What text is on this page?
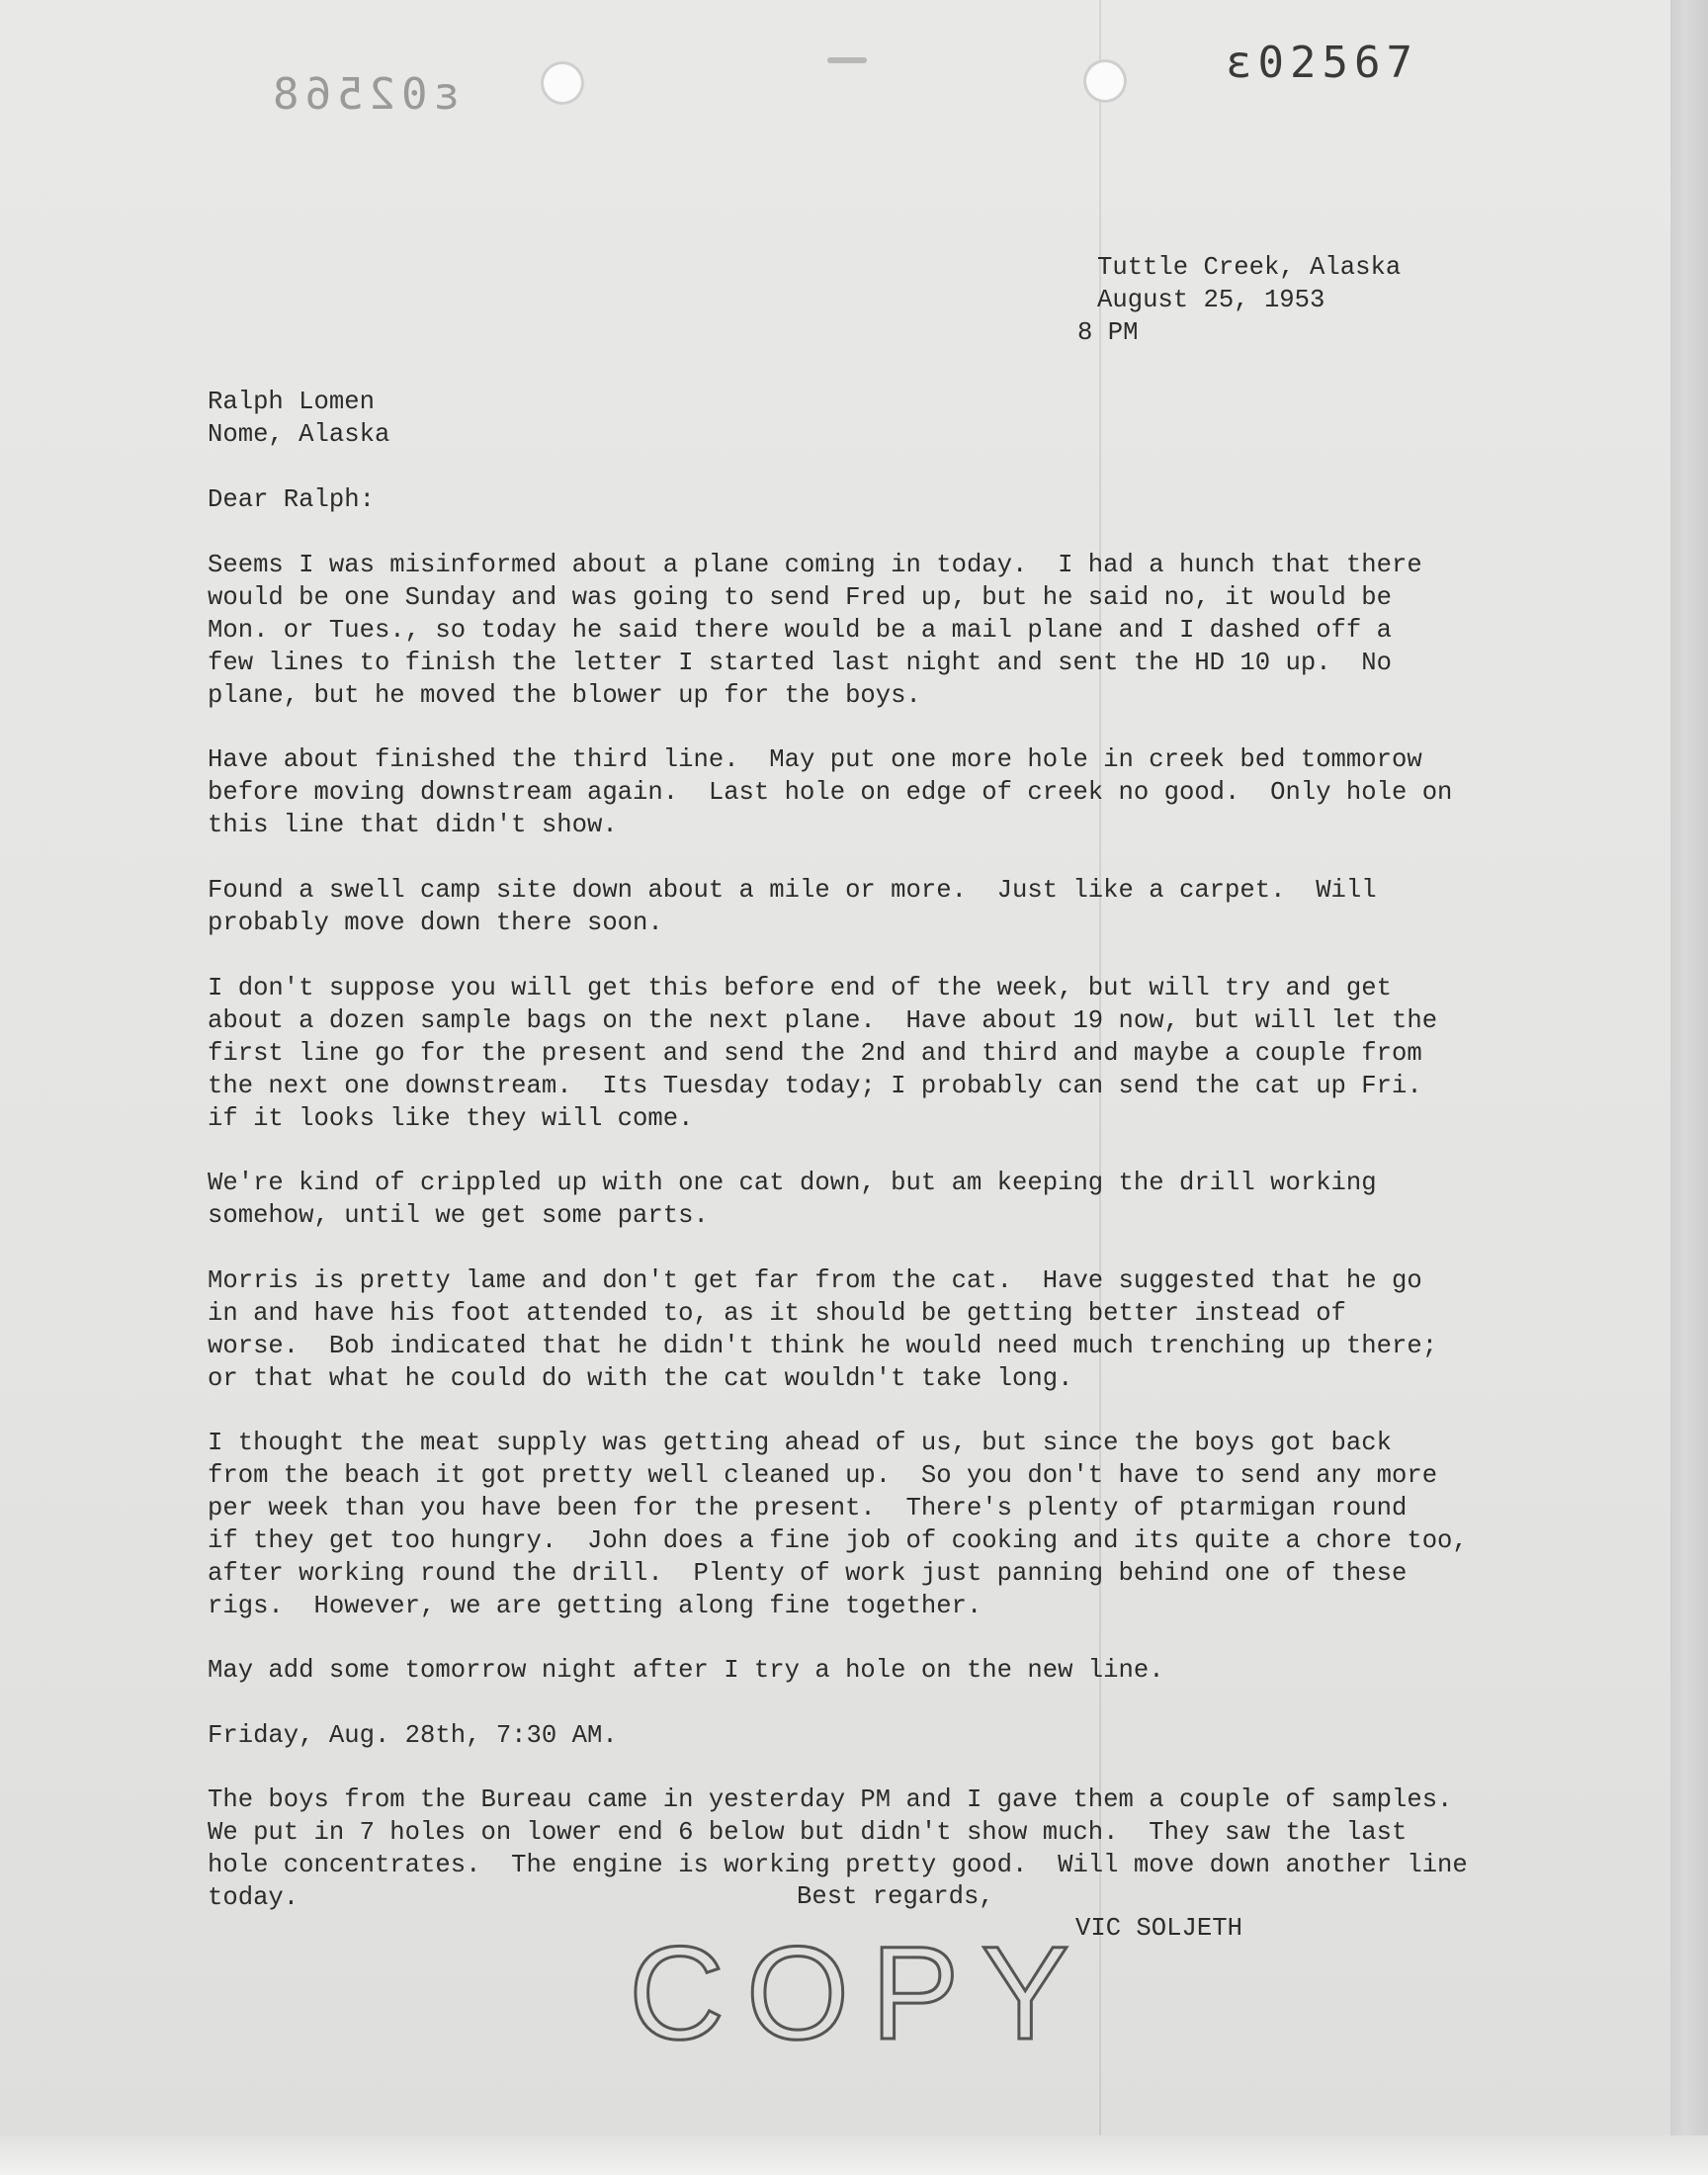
ε02567
ε02568
Tuttle Creek, Alaska
August 25, 1953
8 PM
Ralph Lomen
Nome, Alaska
Dear Ralph:
Seems I was misinformed about a plane coming in today.  I had a hunch that there
would be one Sunday and was going to send Fred up, but he said no, it would be
Mon. or Tues., so today he said there would be a mail plane and I dashed off a
few lines to finish the letter I started last night and sent the HD 10 up.  No
plane, but he moved the blower up for the boys.
Have about finished the third line.  May put one more hole in creek bed tommorow
before moving downstream again.  Last hole on edge of creek no good.  Only hole on
this line that didn't show.
Found a swell camp site down about a mile or more.  Just like a carpet.  Will
probably move down there soon.
I don't suppose you will get this before end of the week, but will try and get
about a dozen sample bags on the next plane.  Have about 19 now, but will let the
first line go for the present and send the 2nd and third and maybe a couple from
the next one downstream.  Its Tuesday today; I probably can send the cat up Fri.
if it looks like they will come.
We're kind of crippled up with one cat down, but am keeping the drill working
somehow, until we get some parts.
Morris is pretty lame and don't get far from the cat.  Have suggested that he go
in and have his foot attended to, as it should be getting better instead of
worse.  Bob indicated that he didn't think he would need much trenching up there;
or that what he could do with the cat wouldn't take long.
I thought the meat supply was getting ahead of us, but since the boys got back
from the beach it got pretty well cleaned up.  So you don't have to send any more
per week than you have been for the present.  There's plenty of ptarmigan round
if they get too hungry.  John does a fine job of cooking and its quite a chore too,
after working round the drill.  Plenty of work just panning behind one of these
rigs.  However, we are getting along fine together.
May add some tomorrow night after I try a hole on the new line.
Friday, Aug. 28th, 7:30 AM.
The boys from the Bureau came in yesterday PM and I gave them a couple of samples.
We put in 7 holes on lower end 6 below but didn't show much.  They saw the last
hole concentrates.  The engine is working pretty good.  Will move down another line
today.	Best regards,
VIC SOLJETH
COPY
